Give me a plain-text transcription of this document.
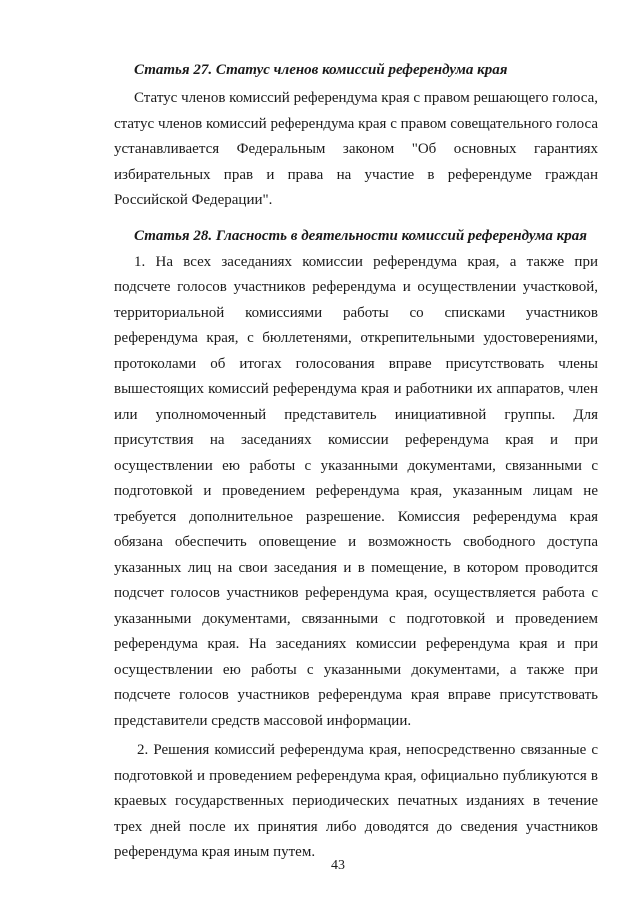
Статья 27. Статус членов комиссий референдума края

Статус членов комиссий референдума края с правом решающего голоса, статус членов комиссий референдума края с правом совещательного голоса устанавливается Федеральным законом "Об основных гарантиях избирательных прав и права на участие в референдуме граждан Российской Федерации".

Статья 28. Гласность в деятельности комиссий референдума края

1. На всех заседаниях комиссии референдума края, а также при подсчете голосов участников референдума и осуществлении участковой, территориальной комиссиями работы со списками участников референдума края, с бюллетенями, открепительными удостоверениями, протоколами об итогах голосования вправе присутствовать члены вышестоящих комиссий референдума края и работники их аппаратов, член или уполномоченный представитель инициативной группы. Для присутствия на заседаниях комиссии референдума края и при осуществлении ею работы с указанными документами, связанными с подготовкой и проведением референдума края, указанным лицам не требуется дополнительное разрешение. Комиссия референдума края обязана обеспечить оповещение и возможность свободного доступа указанных лиц на свои заседания и в помещение, в котором проводится подсчет голосов участников референдума края, осуществляется работа с указанными документами, связанными с подготовкой и проведением референдума края. На заседаниях комиссии референдума края и при осуществлении ею работы с указанными документами, а также при подсчете голосов участников референдума края вправе присутствовать представители средств массовой информации.

2. Решения комиссий референдума края, непосредственно связанные с подготовкой и проведением референдума края, официально публикуются в краевых государственных периодических печатных изданиях в течение трех дней после их принятия либо доводятся до сведения участников референдума края иным путем.

43
